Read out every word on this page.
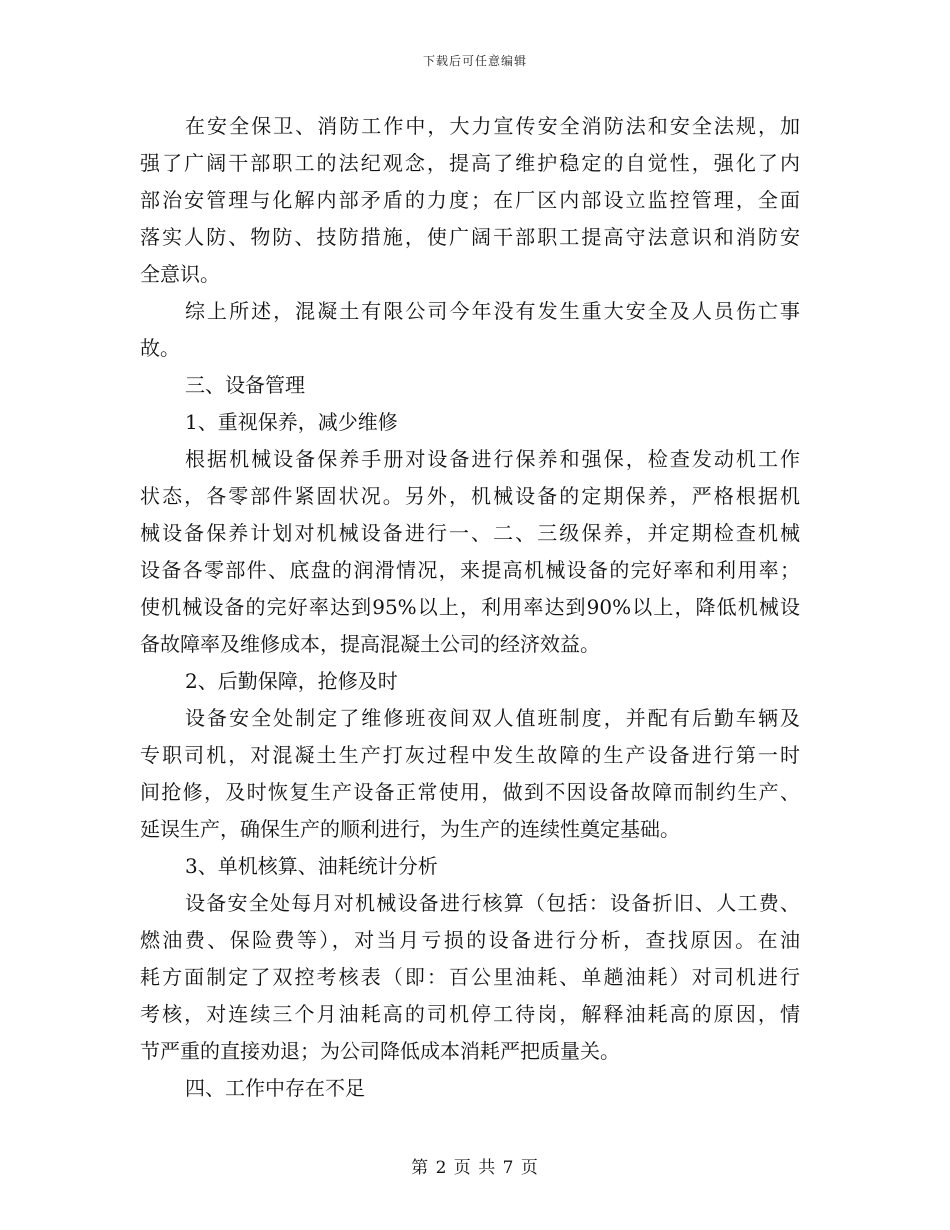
下载后可任意编辑
在安全保卫、消防工作中，大力宣传安全消防法和安全法规，加
强了广阔干部职工的法纪观念，提高了维护稳定的自觉性，强化了内
部治安管理与化解内部矛盾的力度；在厂区内部设立监控管理，全面
落实人防、物防、技防措施，使广阔干部职工提高守法意识和消防安
全意识。
综上所述，混凝土有限公司今年没有发生重大安全及人员伤亡事
故。
三、设备管理
1、重视保养，减少维修
根据机械设备保养手册对设备进行保养和强保，检查发动机工作
状态，各零部件紧固状况。另外，机械设备的定期保养，严格根据机
械设备保养计划对机械设备进行一、二、三级保养，并定期检查机械
设备各零部件、底盘的润滑情况，来提高机械设备的完好率和利用率；
使机械设备的完好率达到95%以上，利用率达到90%以上，降低机械设
备故障率及维修成本，提高混凝土公司的经济效益。
2、后勤保障，抢修及时
设备安全处制定了维修班夜间双人值班制度，并配有后勤车辆及
专职司机，对混凝土生产打灰过程中发生故障的生产设备进行第一时
间抢修，及时恢复生产设备正常使用，做到不因设备故障而制约生产、
延误生产，确保生产的顺利进行，为生产的连续性奠定基础。
3、单机核算、油耗统计分析
设备安全处每月对机械设备进行核算（包括：设备折旧、人工费、
燃油费、保险费等），对当月亏损的设备进行分析，查找原因。在油
耗方面制定了双控考核表（即：百公里油耗、单趟油耗）对司机进行
考核，对连续三个月油耗高的司机停工待岗，解释油耗高的原因，情
节严重的直接劝退；为公司降低成本消耗严把质量关。
四、工作中存在不足
第 2 页 共 7 页
